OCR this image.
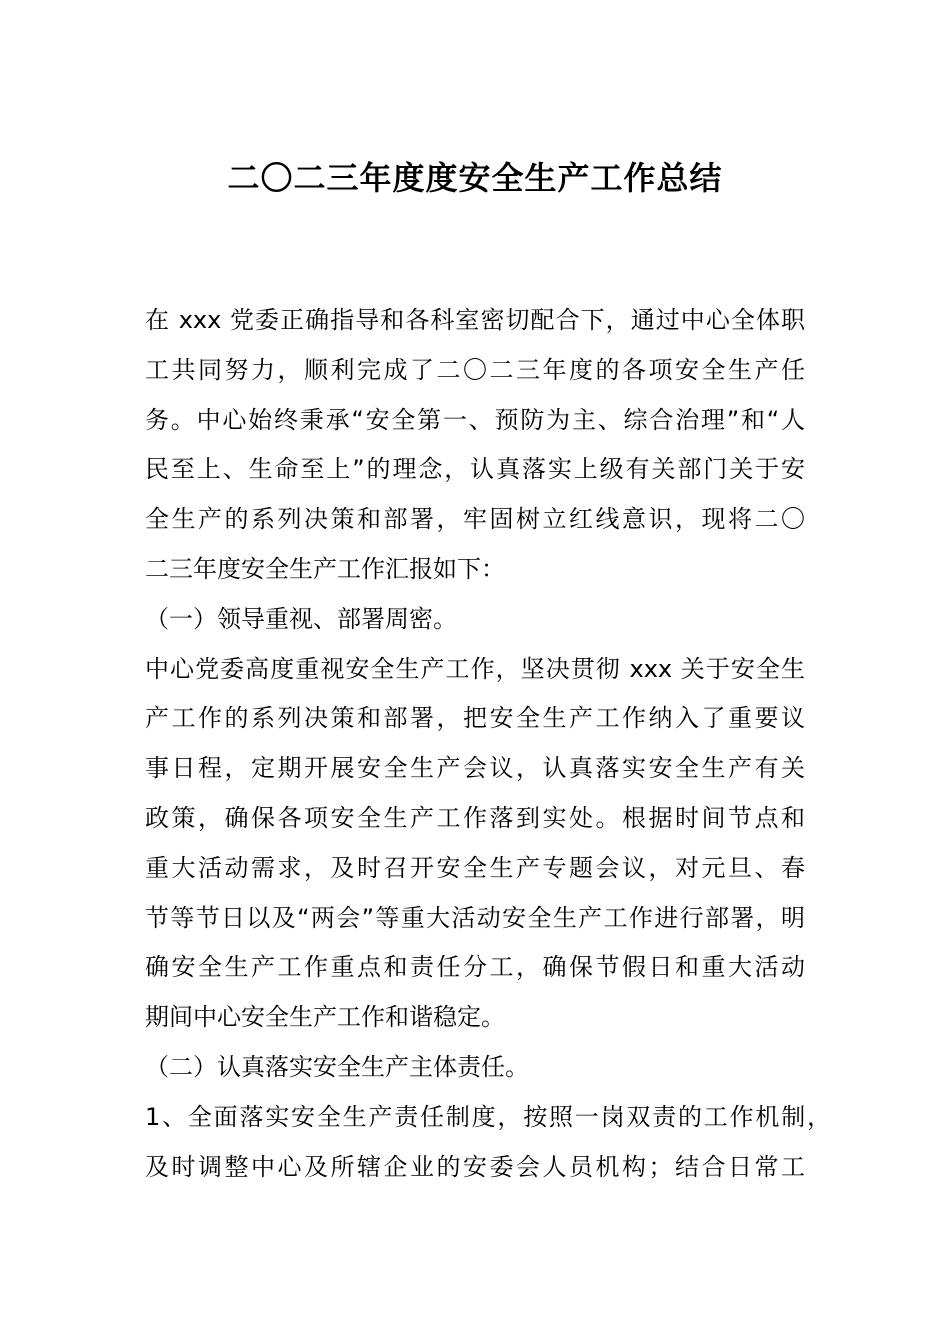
二〇二三年度度安全生产工作总结
在 xxx 党委正确指导和各科室密切配合下，通过中心全体职
工共同努力，顺利完成了二〇二三年度的各项安全生产任
务。中心始终秉承“安全第一、预防为主、综合治理”和“人
民至上、生命至上”的理念，认真落实上级有关部门关于安
全生产的系列决策和部署，牢固树立红线意识，现将二〇
二三年度安全生产工作汇报如下：
（一）领导重视、部署周密。
中心党委高度重视安全生产工作，坚决贯彻 xxx 关于安全生
产工作的系列决策和部署，把安全生产工作纳入了重要议
事日程，定期开展安全生产会议，认真落实安全生产有关
政策，确保各项安全生产工作落到实处。根据时间节点和
重大活动需求，及时召开安全生产专题会议，对元旦、春
节等节日以及“两会”等重大活动安全生产工作进行部署，明
确安全生产工作重点和责任分工，确保节假日和重大活动
期间中心安全生产工作和谐稳定。
（二）认真落实安全生产主体责任。
1、全面落实安全生产责任制度，按照一岗双责的工作机制，
及时调整中心及所辖企业的安委会人员机构；结合日常工
